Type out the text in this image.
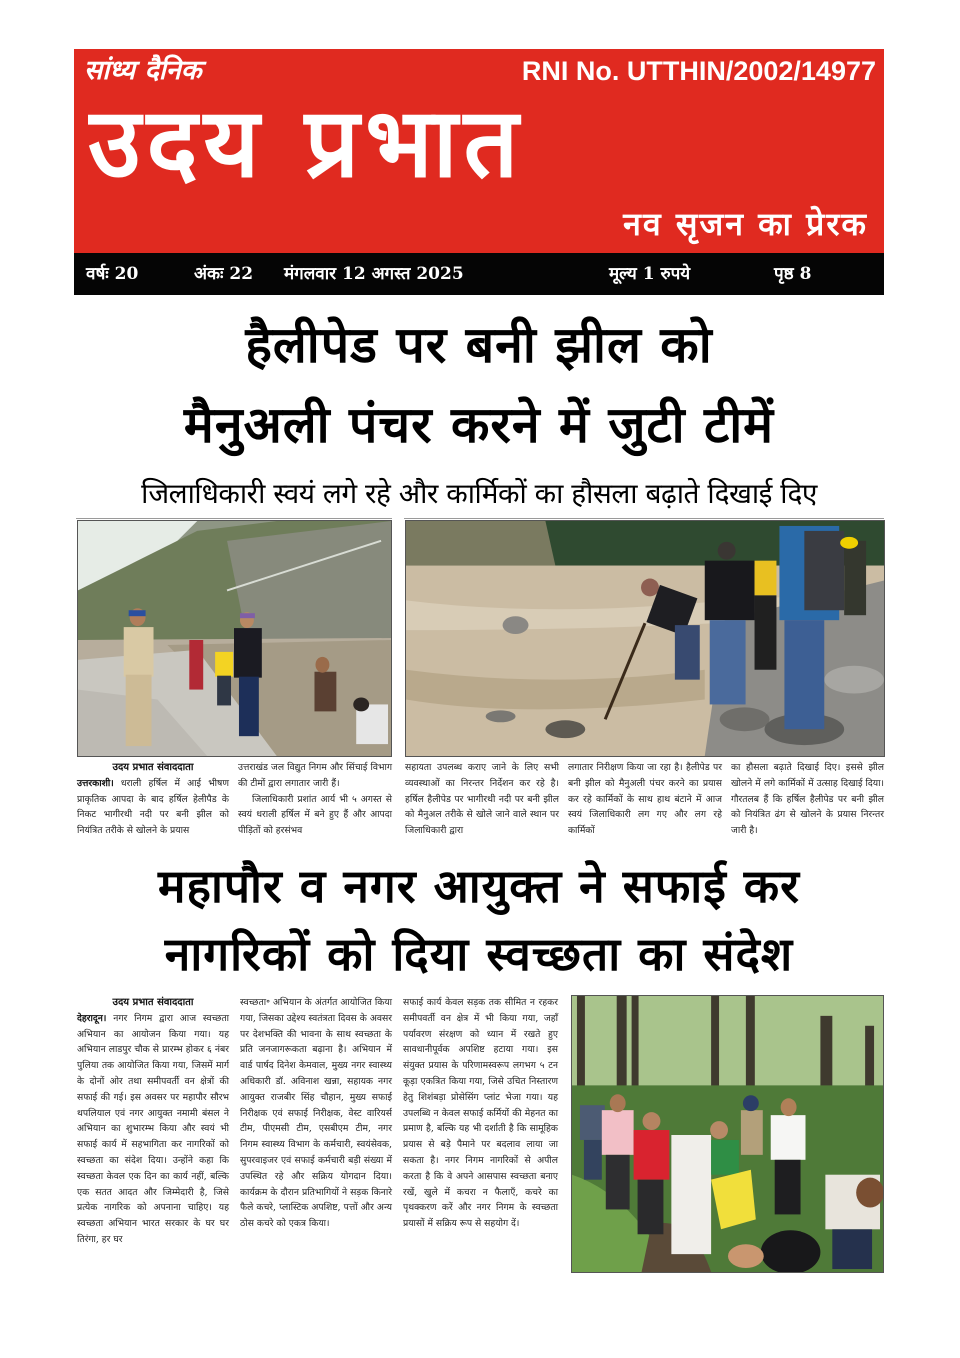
सांध्य दैनिक	RNI No. UTTHIN/2002/14977
उदय प्रभात
नव सृजन का प्रेरक
वर्षः 20	अंकः 22 मंगलवार 12 अगस्त 2025	मूल्य 1 रुपये	पृष्ठ 8
हैलीपेड पर बनी झील को
मैनुअली पंचर करने में जुटी टीमें
जिलाधिकारी स्वयं लगे रहे और कार्मिकों का हौसला बढ़ाते दिखाई दिए

उदय प्रभात संवाददाता

उत्तरकाशी। धराली हर्षिल में आई भीषण प्राकृतिक आपदा के बाद हर्षिल हेलीपैड के निकट भागीरथी नदी पर बनी झील को नियंत्रित तरीके से खोलने के प्रयास

उत्तराखंड जल विद्युत निगम और सिंचाई विभाग की टीमों द्वारा लगातार जारी हैं।

जिलाधिकारी प्रशांत आर्य भी ५ अगस्त से स्वयं धराली हर्षिल में बने हुए हैं और आपदा पीड़ितों को हरसंभव

सहायता उपलब्ध कराए जाने के लिए सभी व्यवस्थाओं का निरन्तर निर्देशन कर रहे है। हर्षिल हैलीपेड पर भागीरथी नदी पर बनी झील को मैनुअल तरीके से खोले जाने वाले स्थान पर जिलाधिकारी द्वारा

लगातार निरीक्षण किया जा रहा है। हैलीपेड पर बनी झील को मैनुअली पंचर करने का प्रयास कर रहे कार्मिकों के साथ हाथ बंटाने में आज स्वयं जिलाधिकारी लग गए और लग रहे कार्मिकों

का हौसला बढ़ाते दिखाई दिए। इससे झील खोलने में लगे कार्मिकों में उत्साह दिखाई दिया। गौरतलब हैं कि हर्षिल हैलीपेड पर बनी झील को नियंत्रित ढंग से खोलने के प्रयास निरन्तर जारी है।

महापौर व नगर आयुक्त ने सफाई कर
नागरिकों को दिया स्वच्छता का संदेश

उदय प्रभात संवाददाता

देहरादून। नगर निगम द्वारा आज स्वच्छता अभियान का आयोजन किया गया। यह अभियान लाडपुर चौक से प्रारम्भ होकर ६ नंबर पुलिया तक आयोजित किया गया, जिसमें मार्ग के दोनों ओर तथा समीपवर्ती वन क्षेत्रों की सफाई की गई। इस अवसर पर महापौर सौरभ थपलियाल एवं नगर आयुक्त नमामी बंसल ने अभियान का शुभारम्भ किया और स्वयं भी सफाई कार्य में सहभागिता कर नागरिकों को स्वच्छता का संदेश दिया। उन्होंने कहा कि स्वच्छता केवल एक दिन का कार्य नहीं, बल्कि एक सतत आदत और जिम्मेदारी है, जिसे प्रत्येक नागरिक को अपनाना चाहिए। यह स्वच्छता अभियान भारत सरकार के घर घर तिरंगा, हर घर

स्वच्छता॰ अभियान के अंतर्गत आयोजित किया गया, जिसका उद्देश्य स्वतंत्रता दिवस के अवसर पर देशभक्ति की भावना के साथ स्वच्छता के प्रति जनजागरूकता बढ़ाना है। अभियान में वार्ड पार्षद दिनेश केमवाल, मुख्य नगर स्वास्थ्य अधिकारी डॉ. अविनाश खन्ना, सहायक नगर आयुक्त राजबीर सिंह चौहान, मुख्य सफाई निरीक्षक एवं सफाई निरीक्षक, वेस्ट वारियर्स टीम, पीएमसी टीम, एसबीएम टीम, नगर निगम स्वास्थ्य विभाग के कर्मचारी, स्वयंसेवक, सुपरवाइजर एवं सफाई कर्मचारी बड़ी संख्या में उपस्थित रहे और सक्रिय योगदान दिया। कार्यक्रम के दौरान प्रतिभागियों ने सड़क किनारे फैले कचरे, प्लास्टिक अपशिष्ट, पत्तों और अन्य ठोस कचरे को एकत्र किया।

सफाई कार्य केवल सड़क तक सीमित न रहकर समीपवर्ती वन क्षेत्र में भी किया गया, जहाँ पर्यावरण संरक्षण को ध्यान में रखते हुए सावधानीपूर्वक अपशिष्ट हटाया गया। इस संयुक्त प्रयास के परिणामस्वरूप लगभग ५ टन कूड़ा एकत्रित किया गया, जिसे उचित निस्तारण हेतु शिशंबड़ा प्रोसेसिंग प्लांट भेजा गया। यह उपलब्धि न केवल सफाई कर्मियों की मेहनत का प्रमाण है, बल्कि यह भी दर्शाती है कि सामूहिक प्रयास से बड़े पैमाने पर बदलाव लाया जा सकता है। नगर निगम नागरिकों से अपील करता है कि वे अपने आसपास स्वच्छता बनाए रखें, खुले में कचरा न फैलाएँ, कचरे का पृथक्करण करें और नगर निगम के स्वच्छता प्रयासों में सक्रिय रूप से सहयोग दें।
